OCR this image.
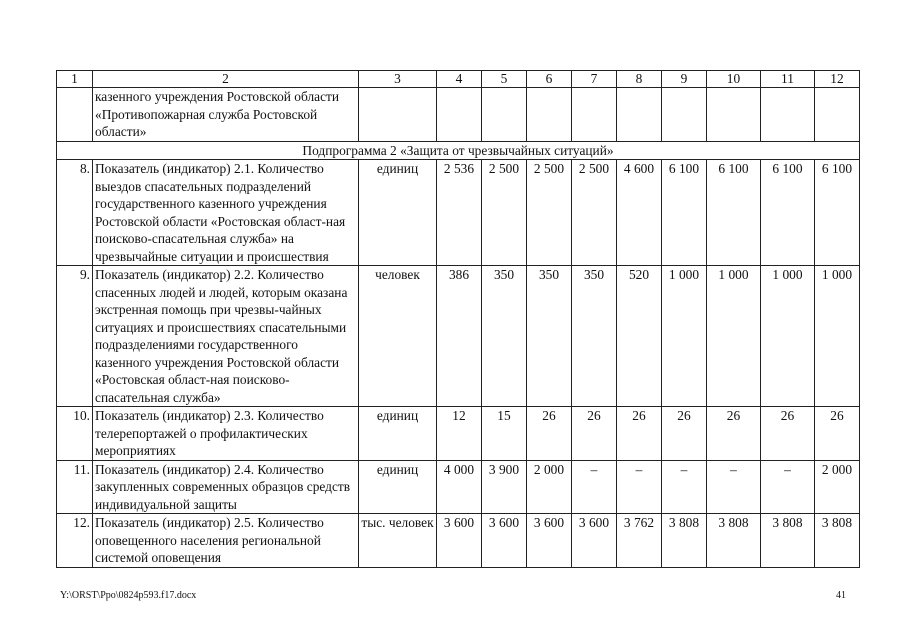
1	2	3	4	5	6	7	8	9	10	11	12
	казенного учреждения Ростовской области «Противопожарная служба Ростовской области»										
Подпрограмма 2 «Защита от чрезвычайных ситуаций»											
8.	Показатель (индикатор) 2.1. Количество выездов спасательных подразделений государственного казенного учреждения Ростовской области «Ростовская област-ная поисково-спасательная служба» на чрезвычайные ситуации и происшествия	единиц	2 536	2 500	2 500	2 500	4 600	6 100	6 100	6 100	6 100
9.	Показатель (индикатор) 2.2. Количество спасенных людей и людей, которым оказана экстренная помощь при чрезвы-чайных ситуациях и происшествиях спасательными подразделениями государственного казенного учреждения Ростовской области «Ростовская област-ная поисково-спасательная служба»	человек	386	350	350	350	520	1 000	1 000	1 000	1 000
10.	Показатель (индикатор) 2.3. Количество телерепортажей о профилактических мероприятиях	единиц	12	15	26	26	26	26	26	26	26
11.	Показатель (индикатор) 2.4. Количество закупленных современных образцов средств индивидуальной защиты	единиц	4 000	3 900	2 000	–	–	–	–	–	2 000
12.	Показатель (индикатор) 2.5. Количество оповещенного населения региональной системой оповещения	тыс. человек	3 600	3 600	3 600	3 600	3 762	3 808	3 808	3 808	3 808
Y:\ORST\Ppo\0824p593.f17.docx	41
